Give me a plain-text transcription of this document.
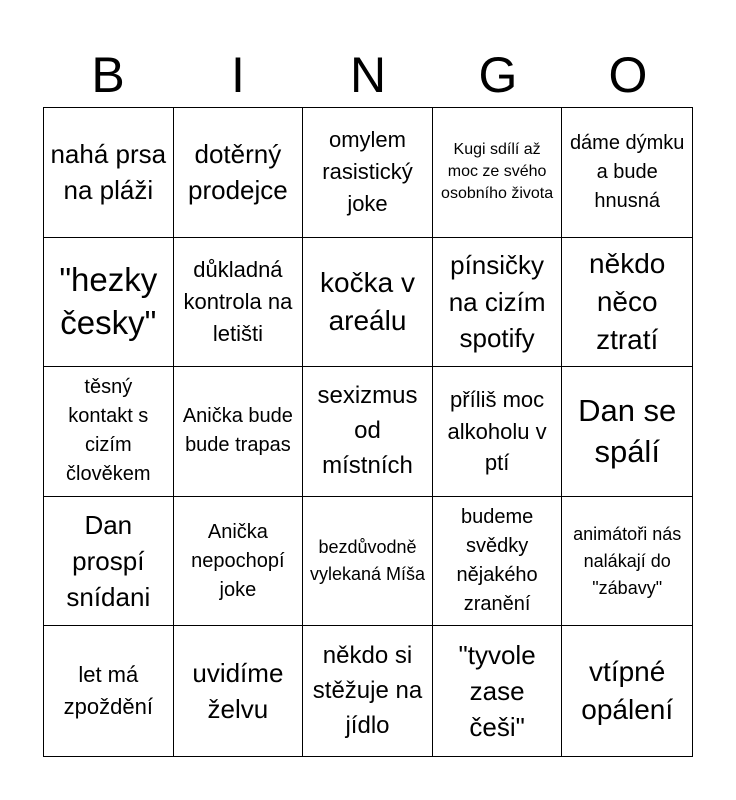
B	I	N	G	O
nahá prsa na pláži
dotěrný prodejce
omylem rasistický joke
Kugi sdílí až moc ze svého osobního života
dáme dýmku a bude hnusná
"hezky česky"
důkladná kontrola na letišti
kočka v areálu
pínsičky na cizím spotify
někdo něco ztratí
těsný kontakt s cizím člověkem
Anička bude bude trapas
sexizmus od místních
příliš moc alkoholu v ptí
Dan se spálí
Dan prospí snídani
Anička nepochopí joke
bezdůvodně vylekaná Míša
budeme svědky nějakého zranění
animátoři nás nalákají do "zábavy"
let má zpoždění
uvidíme želvu
někdo si stěžuje na jídlo
"tyvole zase češi"
vtípné opálení
